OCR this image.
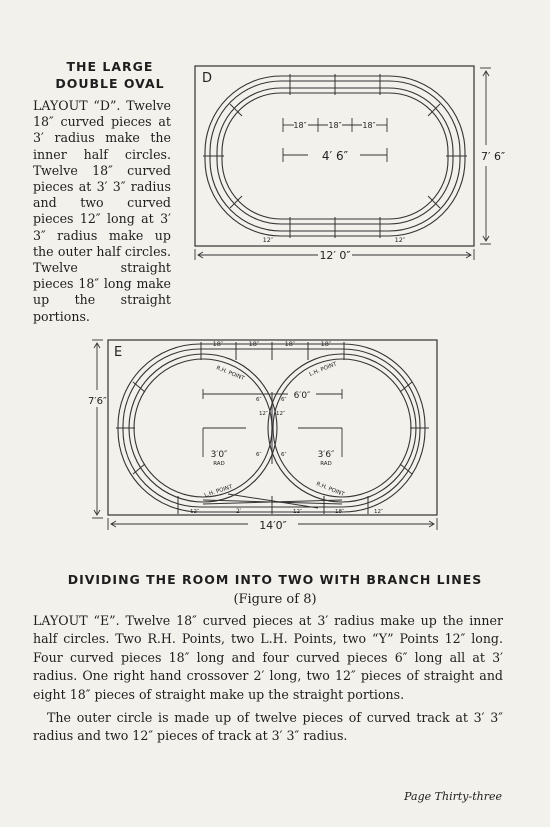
THE LARGE
DOUBLE OVAL
LAYOUT “D”. Twelve 18″ curved pieces at 3′ radius make the inner half circles. Twelve 18″ curved pieces at 3′ 3″ radius and two curved pieces 12″ long at 3′ 3″ radius make up the outer half circles. Twelve straight pieces 18″ long make up the straight portions.
D
18″	18″	18″
4′ 6″
12″	12″
12′ 0″
7′ 6″
E
18″	18″	18″	18″
R.H. POINT	L.H. POINT
L.H. POINT	R.H. POINT
6′0″
3′0″
RAD
3′6″
RAD
6″	6″
6″	6″
12″ 12″
12″	2′	12″	18″	12″
14′0″
7′6″
DIVIDING THE ROOM INTO TWO WITH BRANCH LINES
(Figure of 8)
LAYOUT “E”. Twelve 18″ curved pieces at 3′ radius make up the inner half circles. Two R.H. Points, two L.H. Points, two “Y” Points 12″ long. Four curved pieces 18″ long and four curved pieces 6″ long all at 3′ radius. One right hand crossover 2′ long, two 12″ pieces of straight and eight 18″ pieces of straight make up the straight portions.
The outer circle is made up of twelve pieces of curved track at 3′ 3″ radius and two 12″ pieces of track at 3′ 3″ radius.
Page Thirty-three
